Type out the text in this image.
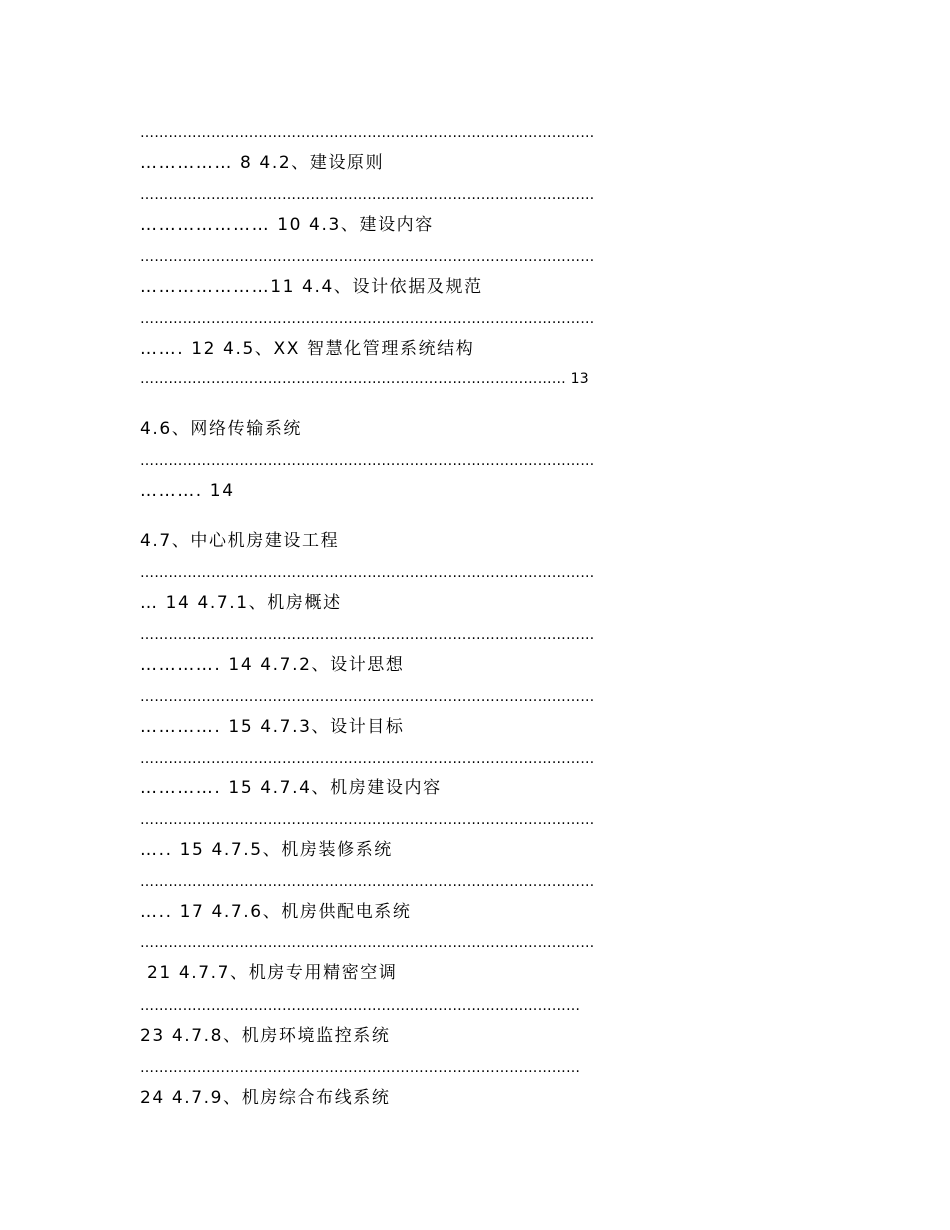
……………………………………………………………………………………

…………… 8 4.2、建设原则

……………………………………………………………………………………

………………… 10 4.3、建设内容

……………………………………………………………………………………

…………………11 4.4、设计依据及规范

……………………………………………………………………………………

……. 12 4.5、XX 智慧化管理系统结构

……………………………………………………………………………… 13

4.6、网络传输系统

……………………………………………………………………………………

………. 14

4.7、中心机房建设工程

……………………………………………………………………………………

… 14 4.7.1、机房概述

……………………………………………………………………………………

…………. 14 4.7.2、设计思想

……………………………………………………………………………………

…………. 15 4.7.3、设计目标

……………………………………………………………………………………

…………. 15 4.7.4、机房建设内容

……………………………………………………………………………………

….. 15 4.7.5、机房装修系统

……………………………………………………………………………………

….. 17 4.7.6、机房供配电系统

……………………………………………………………………………………

21 4.7.7、机房专用精密空调

…………………………………………………………………………………

23 4.7.8、机房环境监控系统

…………………………………………………………………………………

24 4.7.9、机房综合布线系统
